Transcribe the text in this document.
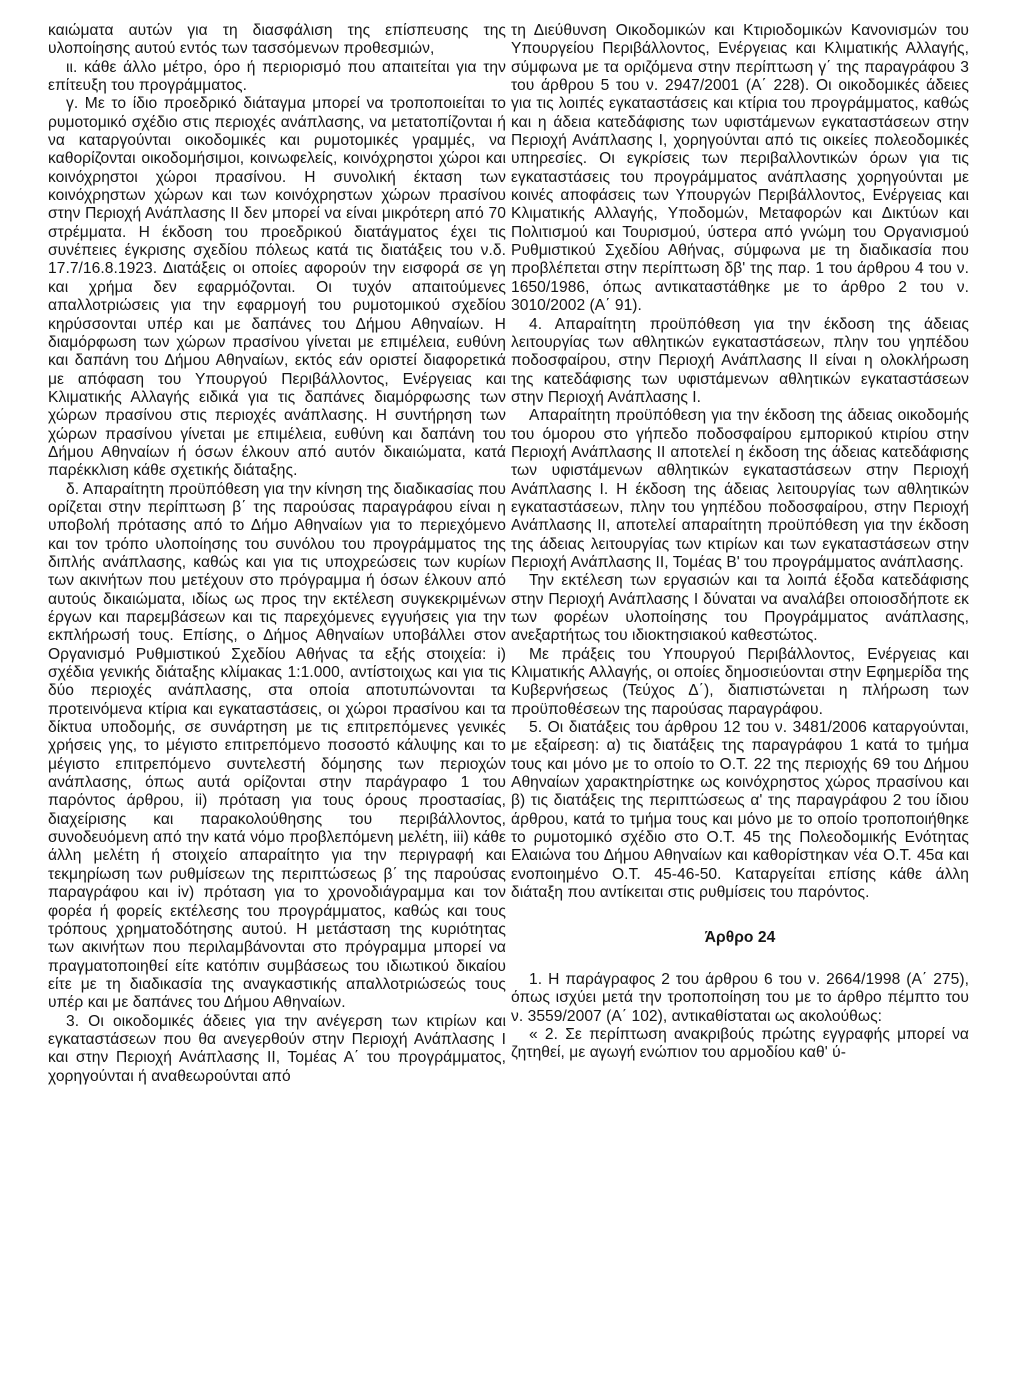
καιώματα αυτών για τη διασφάλιση της επίσπευσης της υλοποίησης αυτού εντός των τασσόμενων προθεσμιών,

ιι. κάθε άλλο μέτρο, όρο ή περιορισμό που απαιτείται για την επίτευξη του προγράμματος.

γ. Με το ίδιο προεδρικό διάταγμα μπορεί να τροποποιείται το ρυμοτομικό σχέδιο στις περιοχές ανάπλασης, να μετατοπίζονται ή να καταργούνται οικοδομικές και ρυμοτομικές γραμμές, να καθορίζονται οικοδομήσιμοι, κοινωφελείς, κοινόχρηστοι χώροι και κοινόχρηστοι χώροι πρασίνου. Η συνολική έκταση των κοινόχρηστων χώρων και των κοινόχρηστων χώρων πρασίνου στην Περιοχή Ανάπλασης ΙΙ δεν μπορεί να είναι μικρότερη από 70 στρέμματα. Η έκδοση του προεδρικού διατάγματος έχει τις συνέπειες έγκρισης σχεδίου πόλεως κατά τις διατάξεις του ν.δ. 17.7/16.8.1923. Διατάξεις οι οποίες αφορούν την εισφορά σε γη και χρήμα δεν εφαρμόζονται. Οι τυχόν απαιτούμενες απαλλοτριώσεις για την εφαρμογή του ρυμοτομικού σχεδίου κηρύσσονται υπέρ και με δαπάνες του Δήμου Αθηναίων. Η διαμόρφωση των χώρων πρασίνου γίνεται με επιμέλεια, ευθύνη και δαπάνη του Δήμου Αθηναίων, εκτός εάν οριστεί διαφορετικά με απόφαση του Υπουργού Περιβάλλοντος, Ενέργειας και Κλιματικής Αλλαγής ειδικά για τις δαπάνες διαμόρφωσης των χώρων πρασίνου στις περιοχές ανάπλασης. Η συντήρηση των χώρων πρασίνου γίνεται με επιμέλεια, ευθύνη και δαπάνη του Δήμου Αθηναίων ή όσων έλκουν από αυτόν δικαιώματα, κατά παρέκκλιση κάθε σχετικής διάταξης.

δ. Απαραίτητη προϋπόθεση για την κίνηση της διαδικασίας που ορίζεται στην περίπτωση β΄ της παρούσας παραγράφου είναι η υποβολή πρότασης από το Δήμο Αθηναίων για το περιεχόμενο και τον τρόπο υλοποίησης του συνόλου του προγράμματος της διπλής ανάπλασης, καθώς και για τις υποχρεώσεις των κυρίων των ακινήτων που μετέχουν στο πρόγραμμα ή όσων έλκουν από αυτούς δικαιώματα, ιδίως ως προς την εκτέλεση συγκεκριμένων έργων και παρεμβάσεων και τις παρεχόμενες εγγυήσεις για την εκπλήρωσή τους. Επίσης, ο Δήμος Αθηναίων υποβάλλει στον Οργανισμό Ρυθμιστικού Σχεδίου Αθήνας τα εξής στοιχεία: i) σχέδια γενικής διάταξης κλίμακας 1:1.000, αντίστοιχως και για τις δύο περιοχές ανάπλασης, στα οποία αποτυπώνονται τα προτεινόμενα κτίρια και εγκαταστάσεις, οι χώροι πρασίνου και τα δίκτυα υποδομής, σε συνάρτηση με τις επιτρεπόμενες γενικές χρήσεις γης, το μέγιστο επιτρεπόμενο ποσοστό κάλυψης και το μέγιστο επιτρεπόμενο συντελεστή δόμησης των περιοχών ανάπλασης, όπως αυτά ορίζονται στην παράγραφο 1 του παρόντος άρθρου, ii) πρόταση για τους όρους προστασίας, διαχείρισης και παρακολούθησης του περιβάλλοντος, συνοδευόμενη από την κατά νόμο προβλεπόμενη μελέτη, iii) κάθε άλλη μελέτη ή στοιχείο απαραίτητο για την περιγραφή και τεκμηρίωση των ρυθμίσεων της περιπτώσεως β΄ της παρούσας παραγράφου και iv) πρόταση για το χρονοδιάγραμμα και τον φορέα ή φορείς εκτέλεσης του προγράμματος, καθώς και τους τρόπους χρηματοδότησης αυτού. Η μετάσταση της κυριότητας των ακινήτων που περιλαμβάνονται στο πρόγραμμα μπορεί να πραγματοποιηθεί είτε κατόπιν συμβάσεως του ιδιωτικού δικαίου είτε με τη διαδικασία της αναγκαστικής απαλλοτριώσεώς τους υπέρ και με δαπάνες του Δήμου Αθηναίων.

3. Οι οικοδομικές άδειες για την ανέγερση των κτιρίων και εγκαταστάσεων που θα ανεγερθούν στην Περιοχή Ανάπλασης Ι και στην Περιοχή Ανάπλασης ΙΙ, Τομέας Α΄ του προγράμματος, χορηγούνται ή αναθεωρούνται από

τη Διεύθυνση Οικοδομικών και Κτιριοδομικών Κανονισμών του Υπουργείου Περιβάλλοντος, Ενέργειας και Κλιματικής Αλλαγής, σύμφωνα με τα οριζόμενα στην περίπτωση γ΄ της παραγράφου 3 του άρθρου 5 του ν. 2947/2001 (Α΄ 228). Οι οικοδομικές άδειες για τις λοιπές εγκαταστάσεις και κτίρια του προγράμματος, καθώς και η άδεια κατεδάφισης των υφιστάμενων εγκαταστάσεων στην Περιοχή Ανάπλασης Ι, χορηγούνται από τις οικείες πολεοδομικές υπηρεσίες. Οι εγκρίσεις των περιβαλλοντικών όρων για τις εγκαταστάσεις του προγράμματος ανάπλασης χορηγούνται με κοινές αποφάσεις των Υπουργών Περιβάλλοντος, Ενέργειας και Κλιματικής Αλλαγής, Υποδομών, Μεταφορών και Δικτύων και Πολιτισμού και Τουρισμού, ύστερα από γνώμη του Οργανισμού Ρυθμιστικού Σχεδίου Αθήνας, σύμφωνα με τη διαδικασία που προβλέπεται στην περίπτωση δβ' της παρ. 1 του άρθρου 4 του ν. 1650/1986, όπως αντικαταστάθηκε με το άρθρο 2 του ν. 3010/2002 (Α΄ 91).

4. Απαραίτητη προϋπόθεση για την έκδοση της άδειας λειτουργίας των αθλητικών εγκαταστάσεων, πλην του γηπέδου ποδοσφαίρου, στην Περιοχή Ανάπλασης ΙΙ είναι η ολοκλήρωση της κατεδάφισης των υφιστάμενων αθλητικών εγκαταστάσεων στην Περιοχή Ανάπλασης Ι.

Απαραίτητη προϋπόθεση για την έκδοση της άδειας οικοδομής του όμορου στο γήπεδο ποδοσφαίρου εμπορικού κτιρίου στην Περιοχή Ανάπλασης ΙΙ αποτελεί η έκδοση της άδειας κατεδάφισης των υφιστάμενων αθλητικών εγκαταστάσεων στην Περιοχή Ανάπλασης Ι. Η έκδοση της άδειας λειτουργίας των αθλητικών εγκαταστάσεων, πλην του γηπέδου ποδοσφαίρου, στην Περιοχή Ανάπλασης ΙΙ, αποτελεί απαραίτητη προϋπόθεση για την έκδοση της άδειας λειτουργίας των κτιρίων και των εγκαταστάσεων στην Περιοχή Ανάπλασης ΙΙ, Τομέας Β' του προγράμματος ανάπλασης.

Την εκτέλεση των εργασιών και τα λοιπά έξοδα κατεδάφισης στην Περιοχή Ανάπλασης Ι δύναται να αναλάβει οποιοσδήποτε εκ των φορέων υλοποίησης του Προγράμματος ανάπλασης, ανεξαρτήτως του ιδιοκτησιακού καθεστώτος.

Με πράξεις του Υπουργού Περιβάλλοντος, Ενέργειας και Κλιματικής Αλλαγής, οι οποίες δημοσιεύονται στην Εφημερίδα της Κυβερνήσεως (Τεύχος Δ΄), διαπιστώνεται η πλήρωση των προϋποθέσεων της παρούσας παραγράφου.

5. Οι διατάξεις του άρθρου 12 του ν. 3481/2006 καταργούνται, με εξαίρεση: α) τις διατάξεις της παραγράφου 1 κατά το τμήμα τους και μόνο με το οποίο το Ο.Τ. 22 της περιοχής 69 του Δήμου Αθηναίων χαρακτηρίστηκε ως κοινόχρηστος χώρος πρασίνου και β) τις διατάξεις της περιπτώσεως α' της παραγράφου 2 του ίδιου άρθρου, κατά το τμήμα τους και μόνο με το οποίο τροποποιήθηκε το ρυμοτομικό σχέδιο στο Ο.Τ. 45 της Πολεοδομικής Ενότητας Ελαιώνα του Δήμου Αθηναίων και καθορίστηκαν νέα Ο.Τ. 45α και ενοποιημένο Ο.Τ. 45-46-50. Καταργείται επίσης κάθε άλλη διάταξη που αντίκειται στις ρυθμίσεις του παρόντος.

Άρθρο 24

1. Η παράγραφος 2 του άρθρου 6 του ν. 2664/1998 (Α΄ 275), όπως ισχύει μετά την τροποποίηση του με το άρθρο πέμπτο του ν. 3559/2007 (Α΄ 102), αντικαθίσταται ως ακολούθως:

« 2. Σε περίπτωση ανακριβούς πρώτης εγγραφής μπορεί να ζητηθεί, με αγωγή ενώπιον του αρμοδίου καθ' ύ-
